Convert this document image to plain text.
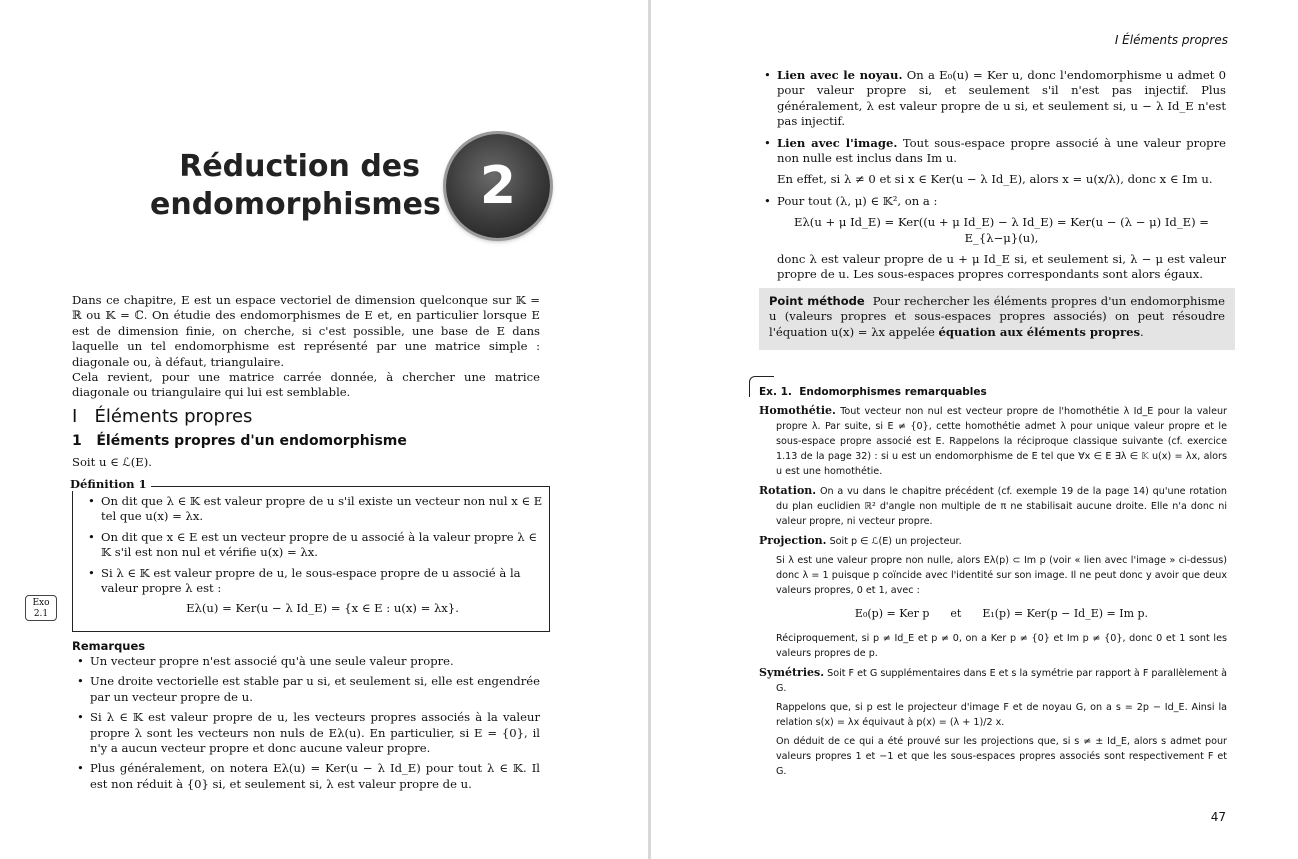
Réduction des
endomorphismes 2

Dans ce chapitre, E est un espace vectoriel de dimension quelconque sur 𝕂 = ℝ ou 𝕂 = ℂ. On étudie des endomorphismes de E et, en particulier lorsque E est de dimension finie, on cherche, si c'est possible, une base de E dans laquelle un tel endomorphisme est représenté par une matrice simple : diagonale ou, à défaut, triangulaire.

Cela revient, pour une matrice carrée donnée, à chercher une matrice diagonale ou triangulaire qui lui est semblable.

I   Éléments propres
1   Éléments propres d'un endomorphisme
Soit u ∈ ℒ(E).
Définition 1
• On dit que λ ∈ 𝕂 est valeur propre de u s'il existe un vecteur non nul x ∈ E tel que u(x) = λx.
• On dit que x ∈ E est un vecteur propre de u associé à la valeur propre λ ∈ 𝕂 s'il est non nul et vérifie u(x) = λx.
• Si λ ∈ 𝕂 est valeur propre de u, le sous-espace propre de u associé à la valeur propre λ est :
Eλ(u) = Ker(u − λ Id_E) = {x ∈ E : u(x) = λx}.
Exo
2.1
Remarques
• Un vecteur propre n'est associé qu'à une seule valeur propre.
• Une droite vectorielle est stable par u si, et seulement si, elle est engendrée par un vecteur propre de u.
• Si λ ∈ 𝕂 est valeur propre de u, les vecteurs propres associés à la valeur propre λ sont les vecteurs non nuls de Eλ(u). En particulier, si E = {0}, il n'y a aucun vecteur propre et donc aucune valeur propre.
• Plus généralement, on notera Eλ(u) = Ker(u − λ Id_E) pour tout λ ∈ 𝕂. Il est non réduit à {0} si, et seulement si, λ est valeur propre de u.
I Éléments propres
• Lien avec le noyau. On a E₀(u) = Ker u, donc l'endomorphisme u admet 0 pour valeur propre si, et seulement s'il n'est pas injectif. Plus généralement, λ est valeur propre de u si, et seulement si, u − λ Id_E n'est pas injectif.
• Lien avec l'image. Tout sous-espace propre associé à une valeur propre non nulle est inclus dans Im u.

En effet, si λ ≠ 0 et si x ∈ Ker(u − λ Id_E), alors x = u(x/λ), donc x ∈ Im u.

• Pour tout (λ, μ) ∈ 𝕂², on a :
Eλ(u + μ Id_E) = Ker((u + μ Id_E) − λ Id_E) = Ker(u − (λ − μ) Id_E) = E_{λ−μ}(u),
donc λ est valeur propre de u + μ Id_E si, et seulement si, λ − μ est valeur propre de u. Les sous-espaces propres correspondants sont alors égaux.
Point méthode Pour rechercher les éléments propres d'un endomorphisme u (valeurs propres et sous-espaces propres associés) on peut résoudre l'équation u(x) = λx appelée équation aux éléments propres.
Ex. 1.  Endomorphismes remarquables
Homothétie. Tout vecteur non nul est vecteur propre de l'homothétie λ Id_E pour la valeur propre λ. Par suite, si E ≠ {0}, cette homothétie admet λ pour unique valeur propre et le sous-espace propre associé est E. Rappelons la réciproque classique suivante (cf. exercice 1.13 de la page 32) : si u est un endomorphisme de E tel que ∀x ∈ E ∃λ ∈ 𝕂 u(x) = λx, alors u est une homothétie.
Rotation. On a vu dans le chapitre précédent (cf. exemple 19 de la page 14) qu'une rotation du plan euclidien ℝ² d'angle non multiple de π ne stabilisait aucune droite. Elle n'a donc ni valeur propre, ni vecteur propre.
Projection. Soit p ∈ ℒ(E) un projecteur.
Si λ est une valeur propre non nulle, alors Eλ(p) ⊂ Im p (voir « lien avec l'image » ci-dessus) donc λ = 1 puisque p coïncide avec l'identité sur son image. Il ne peut donc y avoir que deux valeurs propres, 0 et 1, avec :
E₀(p) = Ker p      et      E₁(p) = Ker(p − Id_E) = Im p.
Réciproquement, si p ≠ Id_E et p ≠ 0, on a Ker p ≠ {0} et Im p ≠ {0}, donc 0 et 1 sont les valeurs propres de p.
Symétries. Soit F et G supplémentaires dans E et s la symétrie par rapport à F parallèlement à G.
Rappelons que, si p est le projecteur d'image F et de noyau G, on a s = 2p − Id_E. Ainsi la relation s(x) = λx équivaut à p(x) = (λ + 1)/2 x.
On déduit de ce qui a été prouvé sur les projections que, si s ≠ ± Id_E, alors s admet pour valeurs propres 1 et −1 et que les sous-espaces propres associés sont respectivement F et G.
47
